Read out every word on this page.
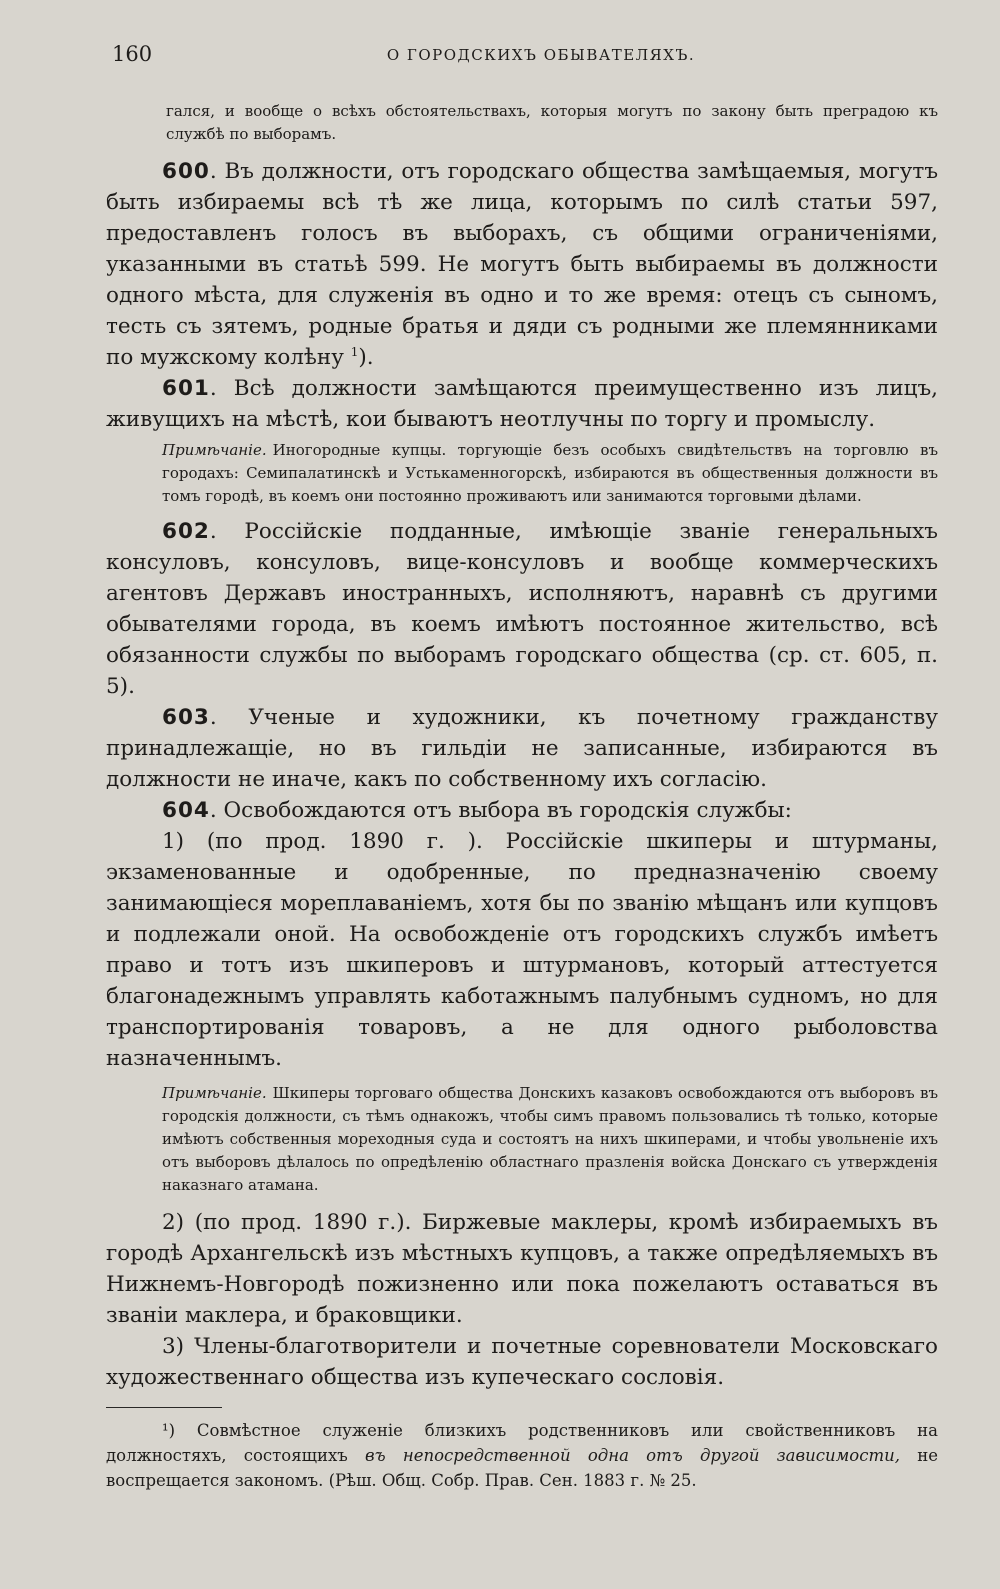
160	О ГОРОДСКИХЪ ОБЫВАТЕЛЯХЪ.

гался, и вообще о всѣхъ обстоятельствахъ, которыя могутъ по закону быть преградою къ службѣ по выборамъ.

600. Въ должности, отъ городскаго общества замѣщаемыя, могутъ быть избираемы всѣ тѣ же лица, которымъ по силѣ статьи 597, предоставленъ голосъ въ выборахъ, съ общими ограниченіями, указанными въ статьѣ 599. Не могутъ быть выбираемы въ должности одного мѣста, для служенія въ одно и то же время: отецъ съ сыномъ, тесть съ зятемъ, родные братья и дяди съ родными же племянниками по мужскому колѣну $^1$).

601. Всѣ должности замѣщаются преимущественно изъ лицъ, живущихъ на мѣстѣ, кои бываютъ неотлучны по торгу и промыслу.

Примѣчаніе. Иногородные купцы. торгующіе безъ особыхъ свидѣтельствъ на торговлю въ городахъ: Семипалатинскѣ и Устькаменногорскѣ, избираются въ общественныя должности въ томъ городѣ, въ коемъ они постоянно проживаютъ или занимаются торговыми дѣлами.

602. Россійскіе подданные, имѣющіе званіе генеральныхъ консуловъ, консуловъ, вице-консуловъ и вообще коммерческихъ агентовъ Державъ иностранныхъ, исполняютъ, наравнѣ съ другими обывателями города, въ коемъ имѣютъ постоянное жительство, всѣ обязанности службы по выборамъ городскаго общества (ср. ст. 605, п. 5).

603. Ученые и художники, къ почетному гражданству принадлежащіе, но въ гильдіи не записанные, избираются въ должности не иначе, какъ по собственному ихъ согласію.

604. Освобождаются отъ выбора въ городскія службы:

1) (по прод. 1890 г. ). Россійскіе шкиперы и штурманы, экзаменованные и одобренные, по предназначенію своему занимающіеся мореплаваніемъ, хотя бы по званію мѣщанъ или купцовъ и подлежали оной. На освобожденіе отъ городскихъ службъ имѣетъ право и тотъ изъ шкиперовъ и штурмановъ, который аттестуется благонадежнымъ управлять каботажнымъ палубнымъ судномъ, но для транспортированія товаровъ, а не для одного рыболовства назначеннымъ.

Примѣчаніе. Шкиперы торговаго общества Донскихъ казаковъ освобождаются отъ выборовъ въ городскія должности, съ тѣмъ однакожъ, чтобы симъ правомъ пользовались тѣ только, которые имѣютъ собственныя мореходныя суда и состоятъ на нихъ шкиперами, и чтобы увольненіе ихъ отъ выборовъ дѣлалось по опредѣленію областнаго празленія войска Донскаго съ утвержденія наказнаго атамана.

2) (по прод. 1890 г.). Биржевые маклеры, кромѣ избираемыхъ въ городѣ Архангельскѣ изъ мѣстныхъ купцовъ, а также опредѣляемыхъ въ Нижнемъ-Новгородѣ пожизненно или пока пожелаютъ оставаться въ званіи маклера, и браковщики.

3) Члены-благотворители и почетные соревнователи Московскаго художественнаго общества изъ купеческаго сословія.

¹) Совмѣстное служеніе близкихъ родственниковъ или свойственниковъ на должностяхъ, состоящихъ въ непосредственной одна отъ другой зависимости, не воспрещается закономъ. (Рѣш. Общ. Собр. Прав. Сен. 1883 г. № 25.
